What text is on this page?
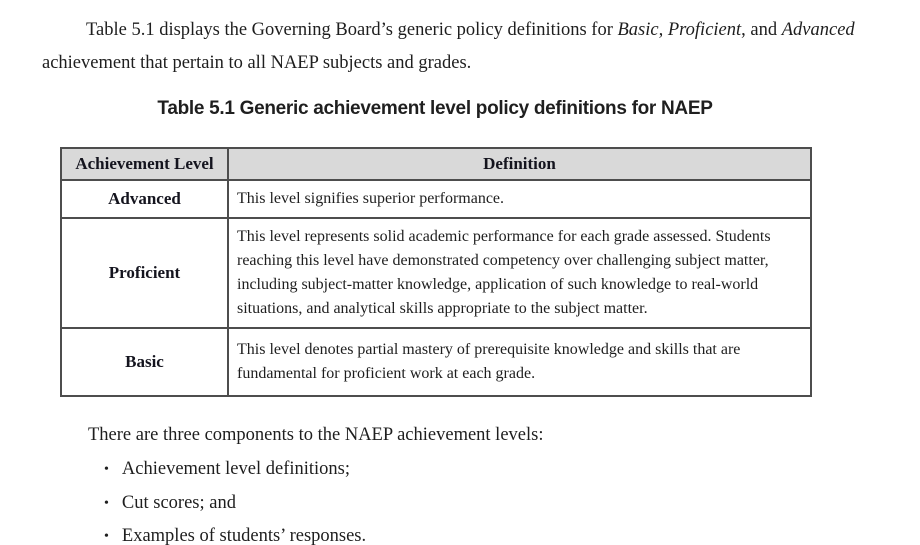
Table 5.1 displays the Governing Board’s generic policy definitions for Basic, Proficient, and Advanced achievement that pertain to all NAEP subjects and grades.

Table 5.1 Generic achievement level policy definitions for NAEP
Achievement Level	Definition
Advanced	This level signifies superior performance.
Proficient	This level represents solid academic performance for each grade assessed. Students reaching this level have demonstrated competency over challenging subject matter, including subject-matter knowledge, application of such knowledge to real-world situations, and analytical skills appropriate to the subject matter.
Basic	This level denotes partial mastery of prerequisite knowledge and skills that are fundamental for proficient work at each grade.

There are three components to the NAEP achievement levels:

• Achievement level definitions;
• Cut scores; and
• Examples of students’ responses.
